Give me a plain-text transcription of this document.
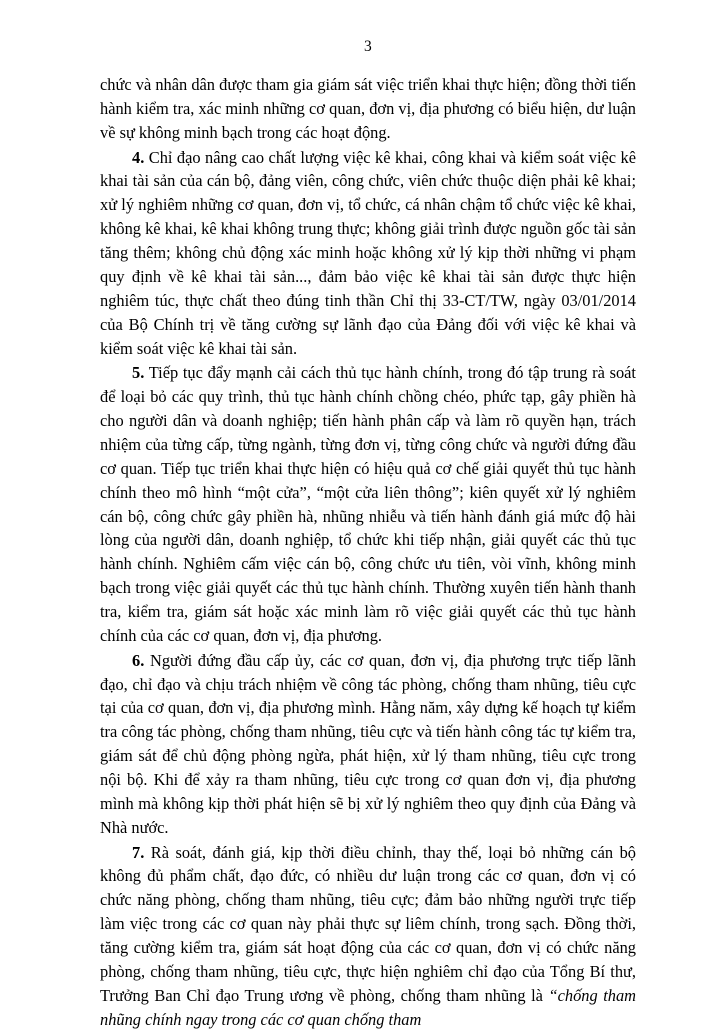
3

chức và nhân dân được tham gia giám sát việc triển khai thực hiện; đồng thời tiến hành kiểm tra, xác minh những cơ quan, đơn vị, địa phương có biểu hiện, dư luận về sự không minh bạch trong các hoạt động.

4. Chỉ đạo nâng cao chất lượng việc kê khai, công khai và kiểm soát việc kê khai tài sản của cán bộ, đảng viên, công chức, viên chức thuộc diện phải kê khai; xử lý nghiêm những cơ quan, đơn vị, tổ chức, cá nhân chậm tổ chức việc kê khai, không kê khai, kê khai không trung thực; không giải trình được nguồn gốc tài sản tăng thêm; không chủ động xác minh hoặc không xử lý kịp thời những vi phạm quy định về kê khai tài sản..., đảm bảo việc kê khai tài sản được thực hiện nghiêm túc, thực chất theo đúng tinh thần Chỉ thị 33-CT/TW, ngày 03/01/2014 của Bộ Chính trị về tăng cường sự lãnh đạo của Đảng đối với việc kê khai và kiểm soát việc kê khai tài sản.

5. Tiếp tục đẩy mạnh cải cách thủ tục hành chính, trong đó tập trung rà soát để loại bỏ các quy trình, thủ tục hành chính chồng chéo, phức tạp, gây phiền hà cho người dân và doanh nghiệp; tiến hành phân cấp và làm rõ quyền hạn, trách nhiệm của từng cấp, từng ngành, từng đơn vị, từng công chức và người đứng đầu cơ quan. Tiếp tục triển khai thực hiện có hiệu quả cơ chế giải quyết thủ tục hành chính theo mô hình “một cửa”, “một cửa liên thông”; kiên quyết xử lý nghiêm cán bộ, công chức gây phiền hà, nhũng nhiễu và tiến hành đánh giá mức độ hài lòng của người dân, doanh nghiệp, tổ chức khi tiếp nhận, giải quyết các thủ tục hành chính. Nghiêm cấm việc cán bộ, công chức ưu tiên, vòi vĩnh, không minh bạch trong việc giải quyết các thủ tục hành chính. Thường xuyên tiến hành thanh tra, kiểm tra, giám sát hoặc xác minh làm rõ việc giải quyết các thủ tục hành chính của các cơ quan, đơn vị, địa phương.

6. Người đứng đầu cấp ủy, các cơ quan, đơn vị, địa phương trực tiếp lãnh đạo, chỉ đạo và chịu trách nhiệm về công tác phòng, chống tham nhũng, tiêu cực tại của cơ quan, đơn vị, địa phương mình. Hằng năm, xây dựng kế hoạch tự kiểm tra công tác phòng, chống tham nhũng, tiêu cực và tiến hành công tác tự kiểm tra, giám sát để chủ động phòng ngừa, phát hiện, xử lý tham nhũng, tiêu cực trong nội bộ. Khi để xảy ra tham nhũng, tiêu cực trong cơ quan đơn vị, địa phương mình mà không kịp thời phát hiện sẽ bị xử lý nghiêm theo quy định của Đảng và Nhà nước.

7. Rà soát, đánh giá, kịp thời điều chỉnh, thay thế, loại bỏ những cán bộ không đủ phẩm chất, đạo đức, có nhiều dư luận trong các cơ quan, đơn vị có chức năng phòng, chống tham nhũng, tiêu cực; đảm bảo những người trực tiếp làm việc trong các cơ quan này phải thực sự liêm chính, trong sạch. Đồng thời, tăng cường kiểm tra, giám sát hoạt động của các cơ quan, đơn vị có chức năng phòng, chống tham nhũng, tiêu cực, thực hiện nghiêm chỉ đạo của Tổng Bí thư, Trưởng Ban Chỉ đạo Trung ương về phòng, chống tham nhũng là “chống tham nhũng chính ngay trong các cơ quan chống tham
